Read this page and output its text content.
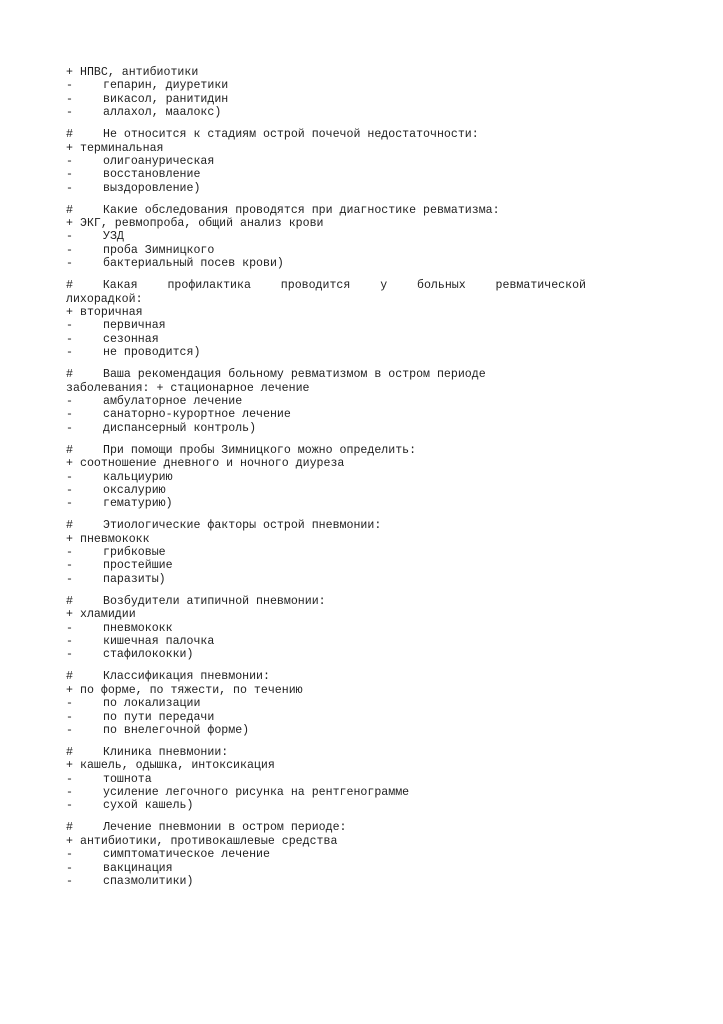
+ НПВС, антибиотики
-	гепарин, диуретики
-	викасол, ранитидин
-	аллахол, маалокс)
#	Не относится к стадиям острой почечой недостаточности:
+ терминальная
-	олигоанурическая
-	восстановление
-	выздоровление)
#	Какие обследования проводятся при диагностике ревматизма:
+ ЭКГ, ревмопроба, общий анализ крови
-	УЗД
-	проба Зимницкого
-	бактериальный посев крови)
#	Какая профилактика проводится у больных ревматической
лихорадкой:
+ вторичная
-	первичная
-	сезонная
-	не проводится)
#	Ваша рекомендация больному ревматизмом в остром периоде
заболевания: + стационарное лечение
-	амбулаторное лечение
-	санаторно-курортное лечение
-	диспансерный контроль)
#	При помощи пробы Зимницкого можно определить:
+ соотношение дневного и ночного диуреза
-	кальциурию
-	оксалурию
-	гематурию)
#	Этиологические факторы острой пневмонии:
+ пневмококк
-	грибковые
-	простейшие
-	паразиты)
#	Возбудители атипичной пневмонии:
+ хламидии
-	пневмококк
-	кишечная палочка
-	стафилококки)
#	Классификация пневмонии:
+ по форме, по тяжести, по течению
-	по локализации
-	по пути передачи
-	по внелегочной форме)
#	Клиника пневмонии:
+ кашель, одышка, интоксикация
-	тошнота
-	усиление легочного рисунка на рентгенограмме
-	сухой кашель)
#	Лечение пневмонии в остром периоде:
+ антибиотики, противокашлевые средства
-	симптоматическое лечение
-	вакцинация
-	спазмолитики)
